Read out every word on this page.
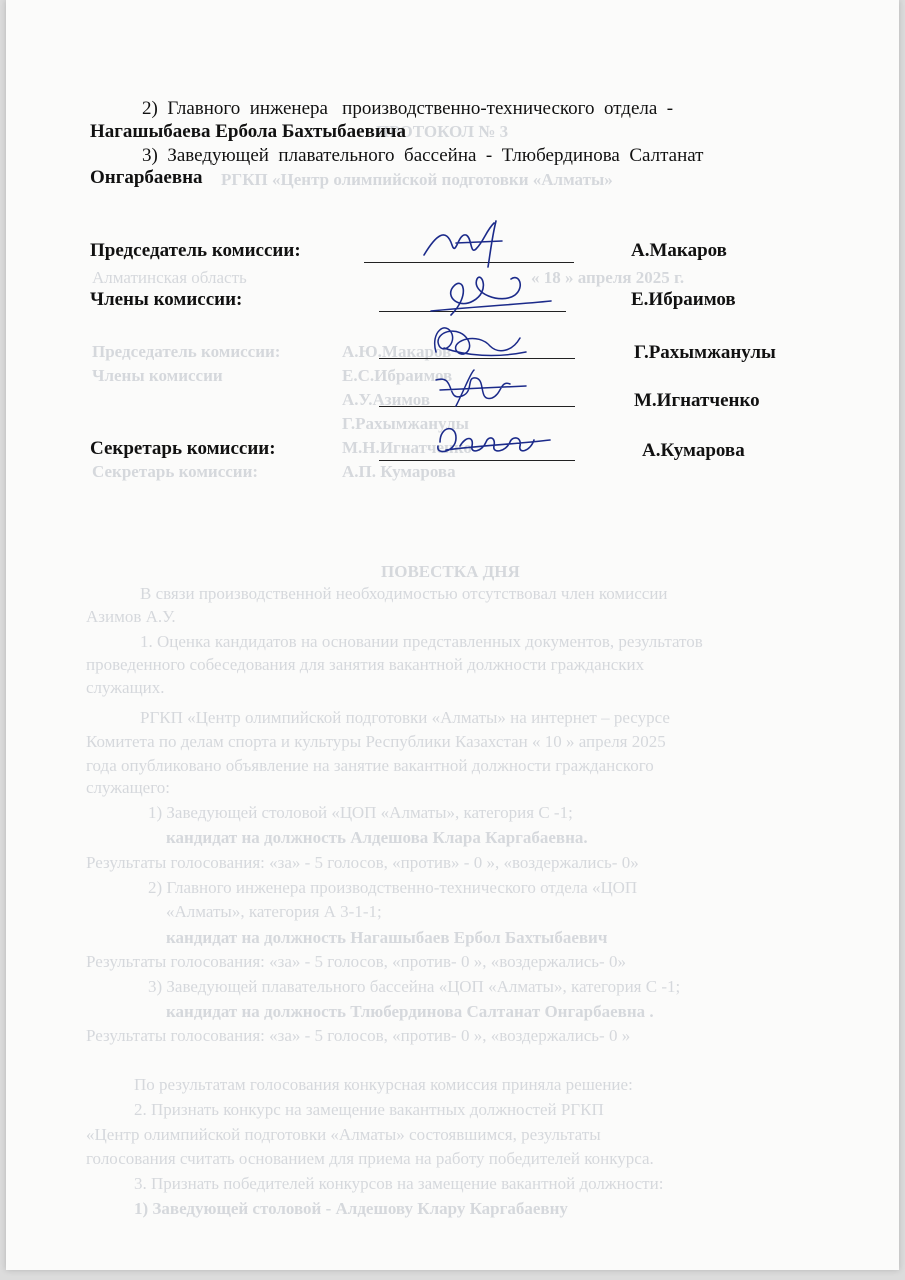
ПРОТОКОЛ № 3
РГКП «Центр олимпийской подготовки «Алматы»
Алматинская область	« 18 » апреля 2025 г.
Председатель комиссии:	А.Ю.Макаров
Члены комиссии	Е.С.Ибраимов
А.У.Азимов
Г.Рахымжанулы
М.Н.Игнатченко
Секретарь комиссии:	А.П. Кумарова
ПОВЕСТКА ДНЯ
В связи производственной необходимостью отсутствовал член комиссии
Азимов А.У.
1. Оценка кандидатов на основании представленных документов, результатов
проведенного собеседования для занятия вакантной должности гражданских
служащих.
РГКП «Центр олимпийской подготовки «Алматы» на интернет – ресурсе
Комитета по делам спорта и культуры Республики Казахстан « 10 » апреля 2025
года опубликовано объявление на занятие вакантной должности гражданского
служащего:
1) Заведующей столовой «ЦОП «Алматы», категория С -1;
кандидат на должность Алдешова Клара Каргабаевна.
Результаты голосования: «за» - 5 голосов, «против» - 0 », «воздержались- 0»
2) Главного инженера производственно-технического отдела «ЦОП
«Алматы», категория А 3-1-1;
кандидат на должность Нагашыбаев Ербол Бахтыбаевич
Результаты голосования: «за» - 5 голосов, «против- 0 », «воздержались- 0»
3) Заведующей плавательного бассейна «ЦОП «Алматы», категория С -1;
кандидат на должность Тлюбердинова Салтанат Онгарбаевна .
Результаты голосования: «за» - 5 голосов, «против- 0 », «воздержались- 0 »
По результатам голосования конкурсная комиссия приняла решение:
2. Признать конкурс на замещение вакантных должностей РГКП
«Центр олимпийской подготовки «Алматы» состоявшимся, результаты
голосования считать основанием для приема на работу победителей конкурса.
3. Признать победителей конкурсов на замещение вакантной должности:
1) Заведующей столовой - Алдешову Клару Каргабаевну
2)  Главного  инженера   производственно-технического  отдела  -
Нагашыбаева Ербола Бахтыбаевича
3)  Заведующей  плавательного  бассейна  -  Тлюбердинова  Салтанат
Онгарбаевна
Председатель комиссии:	А.Макаров
Члены комиссии:	Е.Ибраимов
Г.Рахымжанулы
М.Игнатченко
Секретарь комиссии:	А.Кумарова
